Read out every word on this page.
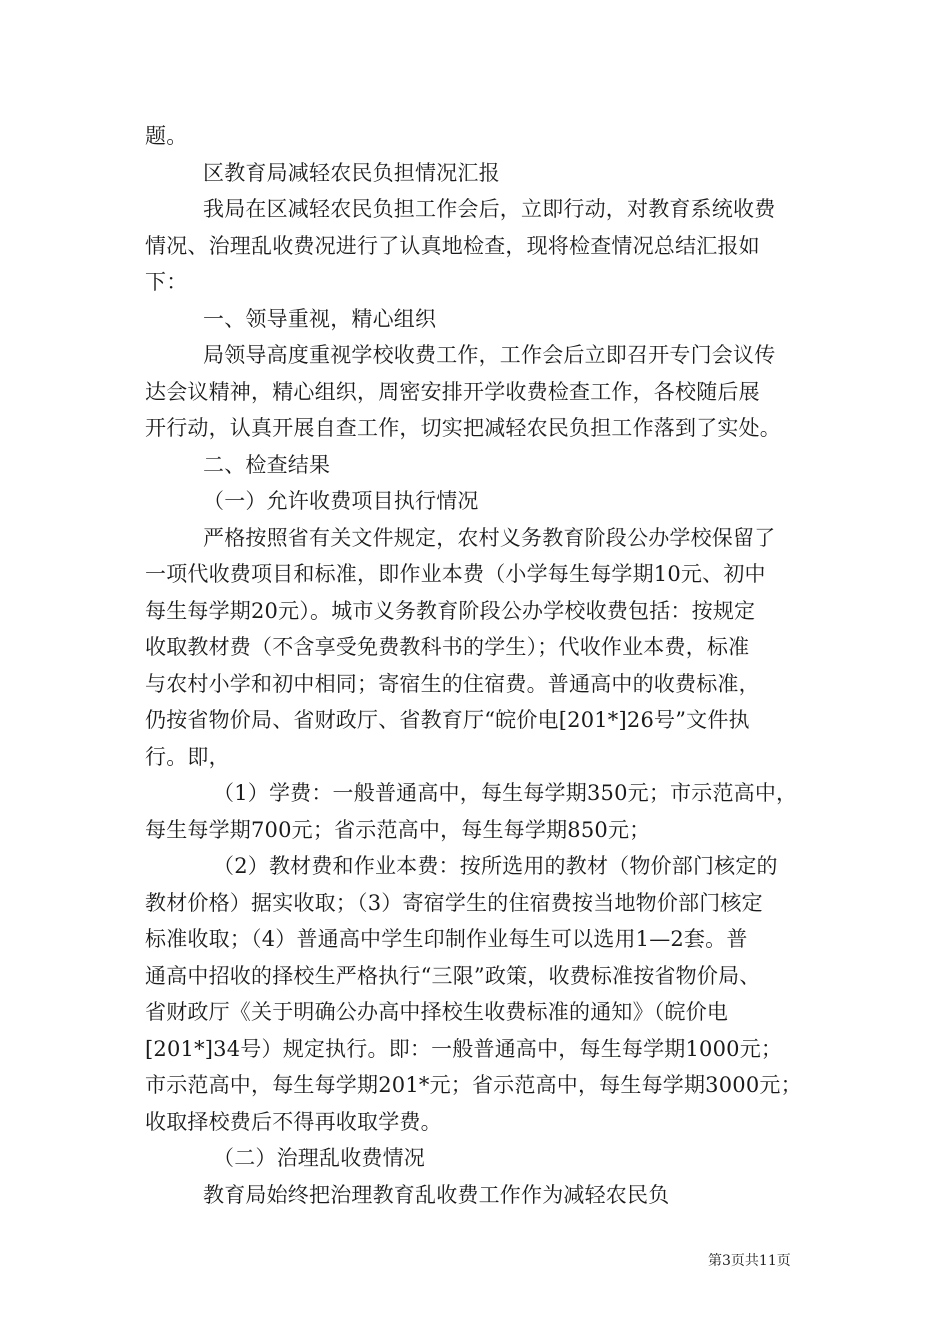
题。
区教育局减轻农民负担情况汇报
我局在区减轻农民负担工作会后，立即行动，对教育系统收费
情况、治理乱收费况进行了认真地检查，现将检查情况总结汇报如
下：
一、领导重视，精心组织
局领导高度重视学校收费工作，工作会后立即召开专门会议传
达会议精神，精心组织，周密安排开学收费检查工作，各校随后展
开行动，认真开展自查工作，切实把减轻农民负担工作落到了实处。
二、检查结果
（一）允许收费项目执行情况
严格按照省有关文件规定，农村义务教育阶段公办学校保留了
一项代收费项目和标准，即作业本费（小学每生每学期10元、初中
每生每学期20元）。城市义务教育阶段公办学校收费包括：按规定
收取教材费（不含享受免费教科书的学生）；代收作业本费，标准
与农村小学和初中相同；寄宿生的住宿费。普通高中的收费标准，
仍按省物价局、省财政厅、省教育厅“皖价电[201*]26号”文件执
行。即，
（1）学费：一般普通高中，每生每学期350元；市示范高中，
每生每学期700元；省示范高中，每生每学期850元；
（2）教材费和作业本费：按所选用的教材（物价部门核定的
教材价格）据实收取；（3）寄宿学生的住宿费按当地物价部门核定
标准收取；（4）普通高中学生印制作业每生可以选用1—2套。普
通高中招收的择校生严格执行“三限”政策，收费标准按省物价局、
省财政厅《关于明确公办高中择校生收费标准的通知》（皖价电
[201*]34号）规定执行。即：一般普通高中，每生每学期1000元；
市示范高中，每生每学期201*元；省示范高中，每生每学期3000元；
收取择校费后不得再收取学费。
（二）治理乱收费情况
教育局始终把治理教育乱收费工作作为减轻农民负
第3页共11页
